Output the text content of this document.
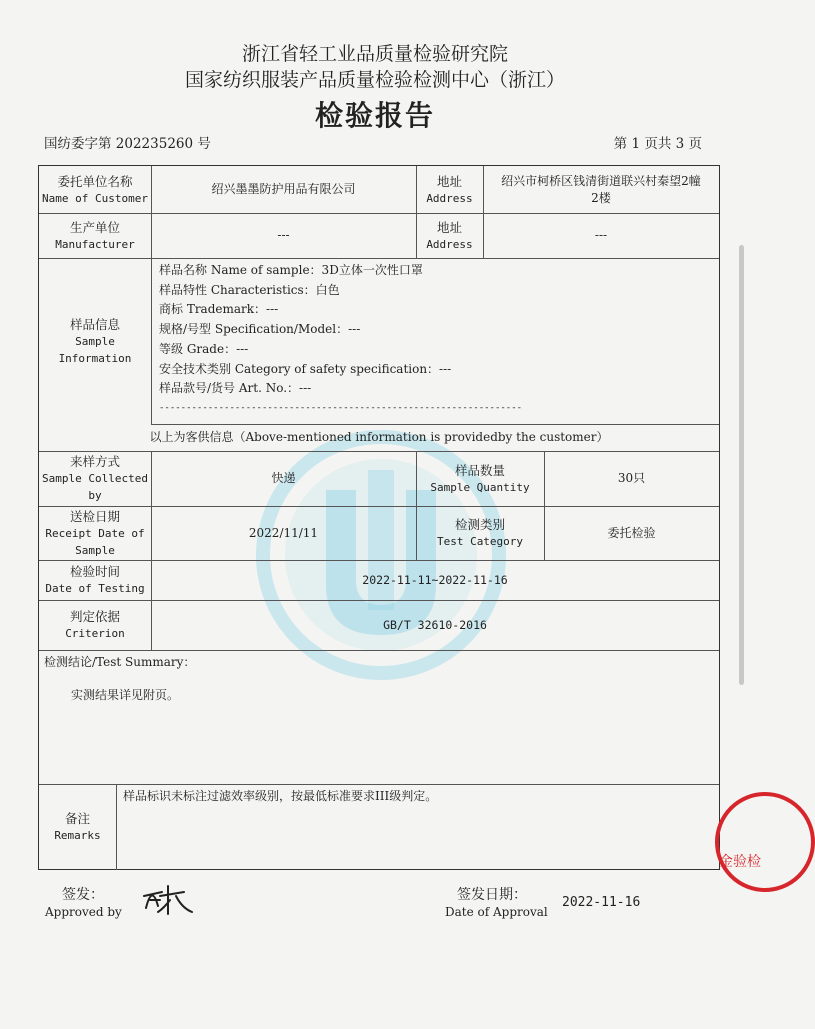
浙江省轻工业品质量检验研究院
国家纺织服装产品质量检验检测中心（浙江）
检验报告
国纺委字第 202235260 号	第 1 页共 3 页
委托单位名称
Name of Customer
绍兴墨墨防护用品有限公司
地址
Address
绍兴市柯桥区钱清街道联兴村秦望2幢
2楼
生产单位
Manufacturer
---
地址
Address
---
样品信息
Sample
Information
样品名称 Name of sample：3D立体一次性口罩
样品特性 Characteristics：白色
商标 Trademark：---
规格/号型 Specification/Model：---
等级 Grade：---
安全技术类别 Category of safety specification：---
样品款号/货号 Art. No.：---
-------------------------------------------------------------------
以上为客供信息（Above-mentioned information is providedby the customer）
来样方式
Sample Collected
by
快递
样品数量
Sample Quantity
30只
送检日期
Receipt Date of
Sample
2022/11/11
检测类别
Test Category
委托检验
检验时间
Date of Testing
2022-11-11~2022-11-16
判定依据
Criterion
GB/T 32610-2016
检测结论/Test Summary：
实测结果详见附页。
备注
Remarks
样品标识未标注过滤效率级别，按最低标准要求III级判定。
签发：
Approved by
签发日期：
Date of Approval
2022-11-16
金验检
